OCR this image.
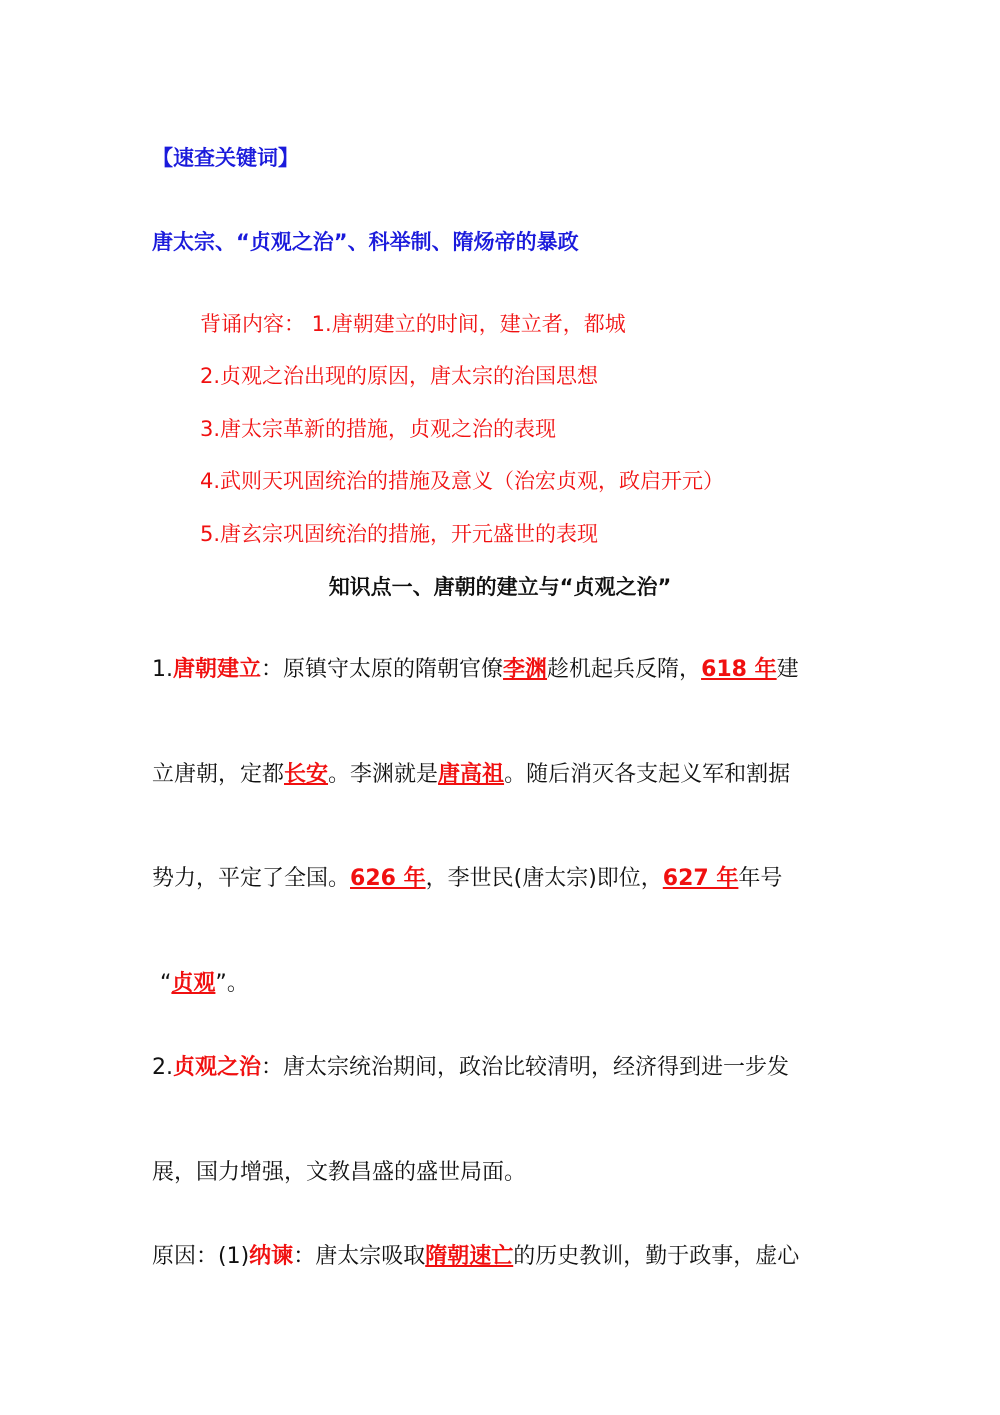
【速查关键词】
唐太宗、“贞观之治”、科举制、隋炀帝的暴政
背诵内容： 1.唐朝建立的时间，建立者，都城
2.贞观之治出现的原因，唐太宗的治国思想
3.唐太宗革新的措施，贞观之治的表现
4.武则天巩固统治的措施及意义（治宏贞观，政启开元）
5.唐玄宗巩固统治的措施，开元盛世的表现
知识点一、唐朝的建立与“贞观之治”
1.唐朝建立：原镇守太原的隋朝官僚李渊趁机起兵反隋，618 年建
立唐朝，定都长安。李渊就是唐高祖。随后消灭各支起义军和割据
势力，平定了全国。626 年，李世民(唐太宗)即位，627 年年号
“贞观”。
2.贞观之治：唐太宗统治期间，政治比较清明，经济得到进一步发
展，国力增强，文教昌盛的盛世局面。
原因：(1)纳谏：唐太宗吸取隋朝速亡的历史教训，勤于政事，虚心
